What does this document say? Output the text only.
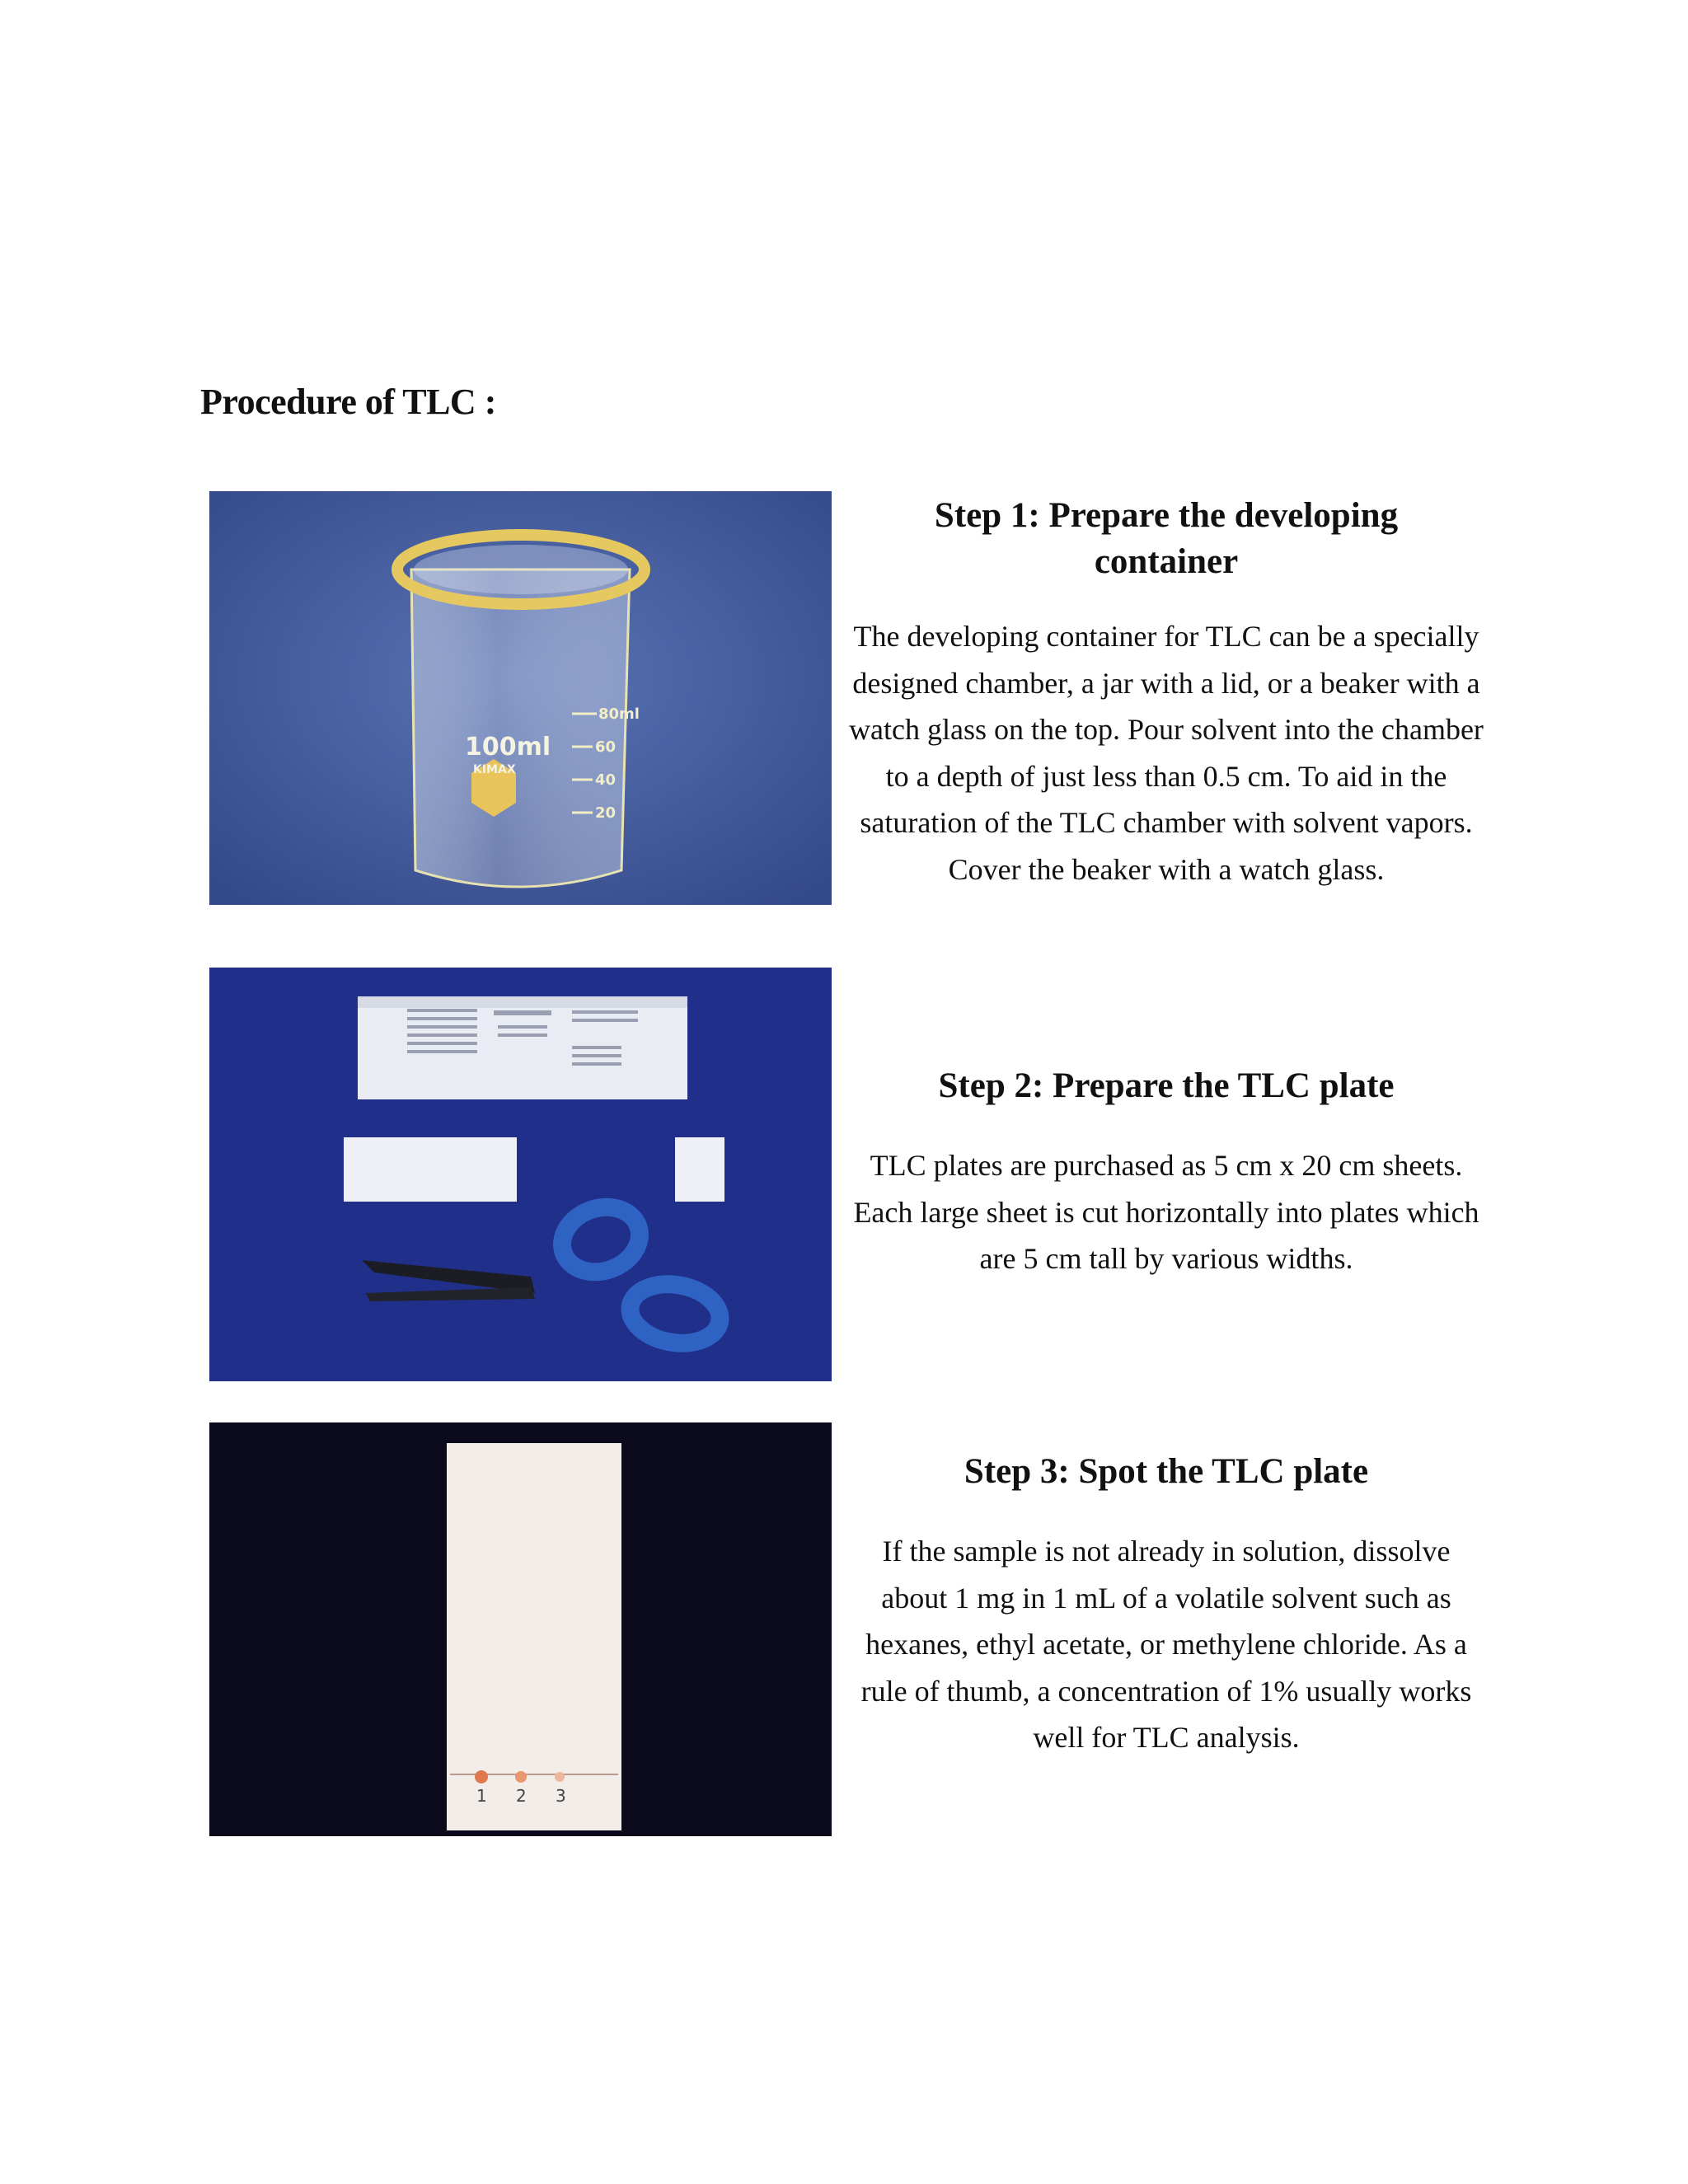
Procedure of TLC :
100ml
KIMAX
80ml
60
40
20
Step 1: Prepare the developing container
The developing container for TLC can be a specially designed chamber, a jar with a lid, or a beaker with a watch glass on the top. Pour solvent into the chamber to a depth of just less than 0.5 cm. To aid in the saturation of the TLC chamber with solvent vapors. Cover the beaker with a watch glass.
Step 2: Prepare the TLC plate
TLC plates are purchased as 5 cm x 20 cm sheets. Each large sheet is cut horizontally into plates which are 5 cm tall by various widths.
1 2 3
Step 3: Spot the TLC plate
If the sample is not already in solution, dissolve about 1 mg in 1 mL of a volatile solvent such as hexanes, ethyl acetate, or methylene chloride. As a rule of thumb, a concentration of 1% usually works well for TLC analysis.
